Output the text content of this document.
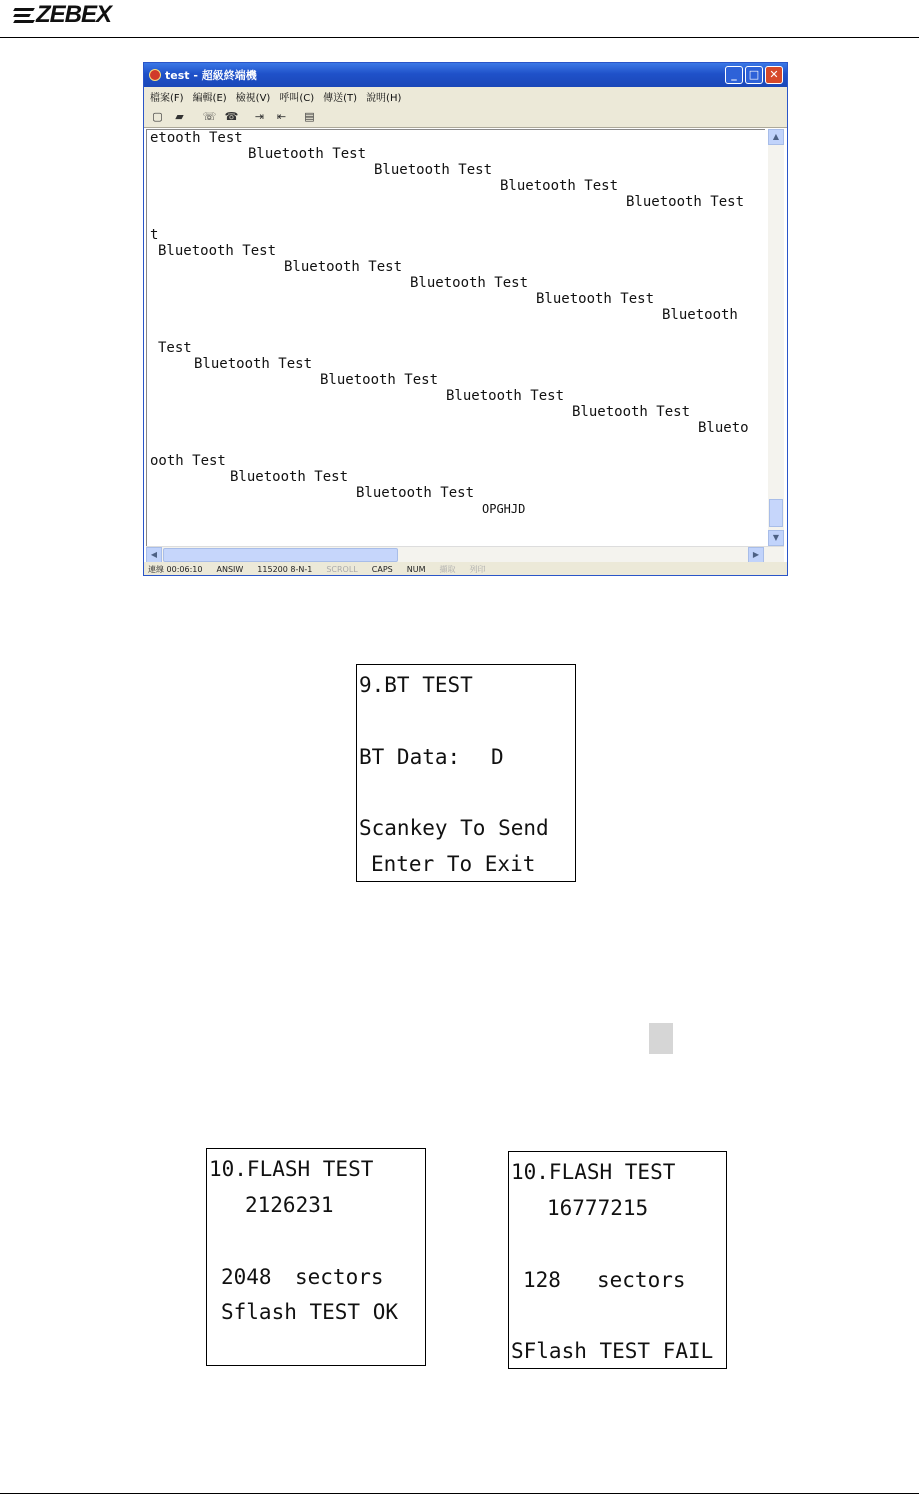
ZEBEX
test - 超級終端機	_	□ ✕
檔案(F) 編輯(E) 檢視(V) 呼叫(C) 傳送(T) 說明(H)
▢ ▰ ☏ ☎ ⇥ ⇤ ▤
etooth Test
Bluetooth Test
Bluetooth Test
Bluetooth Test
Bluetooth Test
t
Bluetooth Test
Bluetooth Test
Bluetooth Test
Bluetooth Test
Bluetooth
Test
Bluetooth Test
Bluetooth Test
Bluetooth Test
Bluetooth Test
Blueto
ooth Test
Bluetooth Test
Bluetooth Test
OPGHJD
▲
▼
◀	▶
連線 00:06:10 ANSIW 115200 8-N-1 SCROLL CAPS NUM 擷取 列印
9.BT TEST
BT Data: D
Scankey To Send
Enter To Exit
10.FLASH TEST
2126231
2048 sectors
Sflash TEST OK
10.FLASH TEST
16777215
128 sectors
SFlash TEST FAIL
